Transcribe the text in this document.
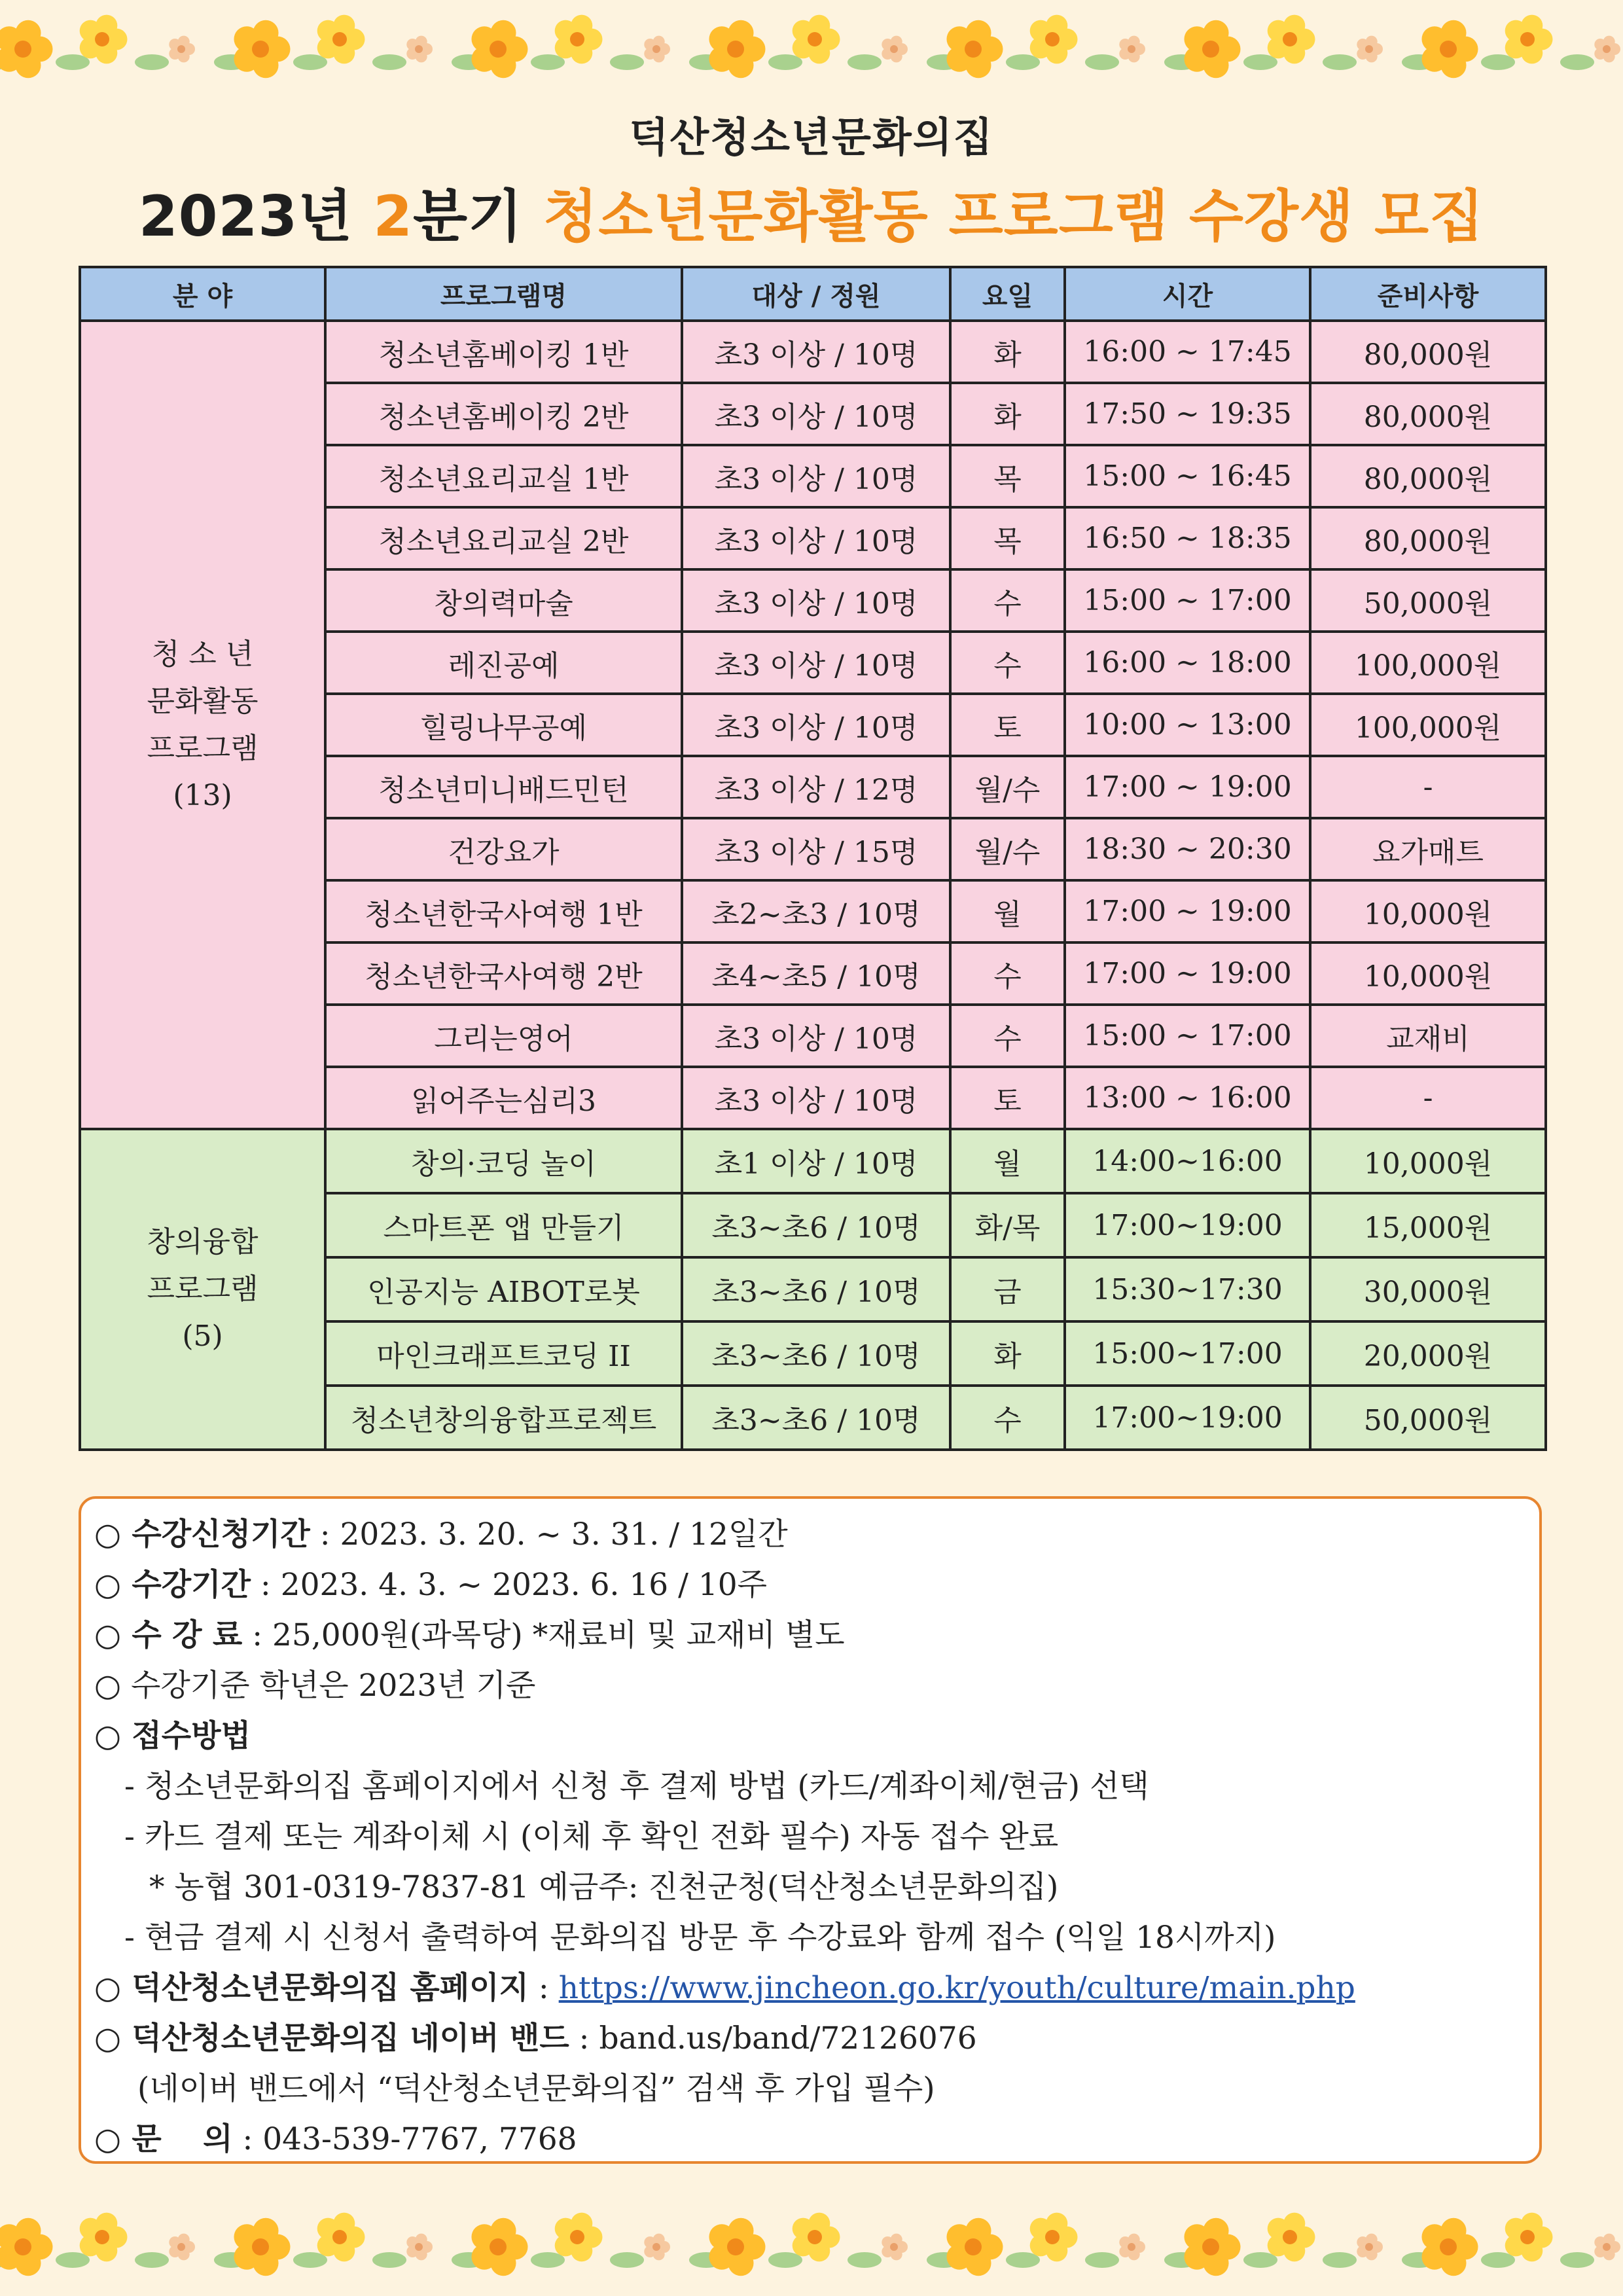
덕산청소년문화의집
2023년 2분기 청소년문화활동 프로그램 수강생 모집
분 야	프로그램명	대상 / 정원	요일	시간	준비사항

청 소 년
문화활동
프로그램
(13)	청소년홈베이킹 1반	초3 이상 / 10명	화	16:00 ~ 17:45	80,000원
	청소년홈베이킹 2반	초3 이상 / 10명	화	17:50 ~ 19:35	80,000원
	청소년요리교실 1반	초3 이상 / 10명	목	15:00 ~ 16:45	80,000원
	청소년요리교실 2반	초3 이상 / 10명	목	16:50 ~ 18:35	80,000원
	창의력마술	초3 이상 / 10명	수	15:00 ~ 17:00	50,000원
	레진공예	초3 이상 / 10명	수	16:00 ~ 18:00	100,000원
	힐링나무공예	초3 이상 / 10명	토	10:00 ~ 13:00	100,000원
	청소년미니배드민턴	초3 이상 / 12명	월/수	17:00 ~ 19:00	-
	건강요가	초3 이상 / 15명	월/수	18:30 ~ 20:30	요가매트
	청소년한국사여행 1반	초2~초3 / 10명	월	17:00 ~ 19:00	10,000원
	청소년한국사여행 2반	초4~초5 / 10명	수	17:00 ~ 19:00	10,000원
	그리는영어	초3 이상 / 10명	수	15:00 ~ 17:00	교재비
	읽어주는심리3	초3 이상 / 10명	토	13:00 ~ 16:00	-

창의융합
프로그램
(5)	창의·코딩 놀이	초1 이상 / 10명	월	14:00~16:00	10,000원
	스마트폰 앱 만들기	초3~초6 / 10명	화/목	17:00~19:00	15,000원
	인공지능 AIBOT로봇	초3~초6 / 10명	금	15:30~17:30	30,000원
	마인크래프트코딩 II	초3~초6 / 10명	화	15:00~17:00	20,000원
	청소년창의융합프로젝트	초3~초6 / 10명	수	17:00~19:00	50,000원
○ 수강신청기간 : 2023. 3. 20. ~ 3. 31. / 12일간
○ 수강기간 : 2023. 4. 3. ~ 2023. 6. 16 / 10주
○ 수 강 료 : 25,000원(과목당) *재료비 및 교재비 별도
○ 수강기준 학년은 2023년 기준
○ 접수방법
- 청소년문화의집 홈페이지에서 신청 후 결제 방법 (카드/계좌이체/현금) 선택
- 카드 결제 또는 계좌이체 시 (이체 후 확인 전화 필수) 자동 접수 완료
* 농협 301-0319-7837-81 예금주: 진천군청(덕산청소년문화의집)
- 현금 결제 시 신청서 출력하여 문화의집 방문 후 수강료와 함께 접수 (익일 18시까지)
○ 덕산청소년문화의집 홈페이지 : https://www.jincheon.go.kr/youth/culture/main.php
○ 덕산청소년문화의집 네이버 밴드 : band.us/band/72126076
(네이버 밴드에서 “덕산청소년문화의집” 검색 후 가입 필수)
○ 문　 의 : 043-539-7767, 7768
